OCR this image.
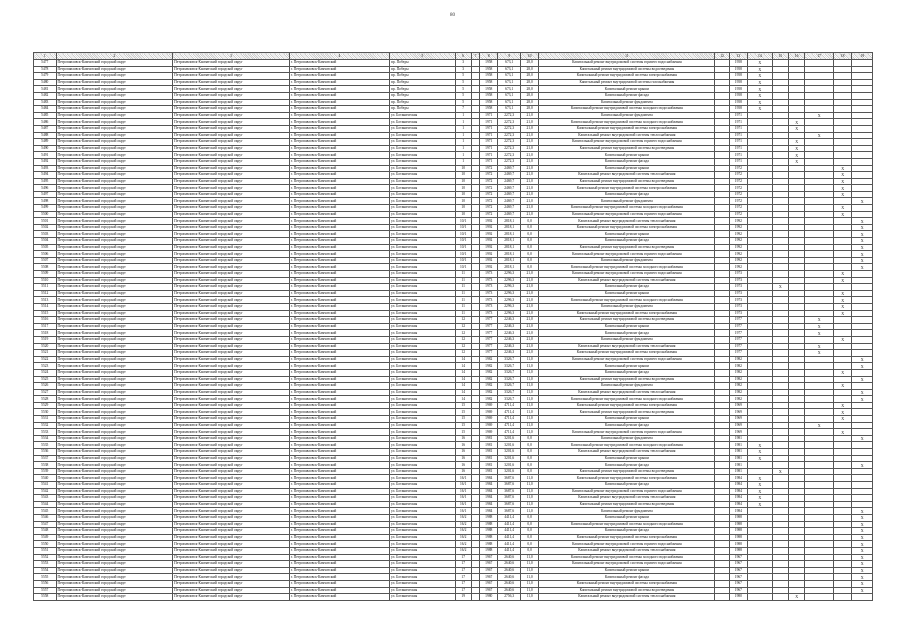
80
1	2	3	4	5	6	7	8	9	10	11	12	13	14	15	16	17	18	19
5477	Петропавловск-Камчатский городской округ	Петропавловск-Камчатский городской округ	г. Петропавловск-Камчатский	пр. Победы	3		1958	673,1	28,0	Капитальный ремонт внутридомовой системы горячего водоснабжения		1958	Х					
5478	Петропавловск-Камчатский городской округ	Петропавловск-Камчатский городской округ	г. Петропавловск-Камчатский	пр. Победы	3		1958	673,1	28,0	Капитальный ремонт внутридомовой системы водоотведения		1958	Х					
5479	Петропавловск-Камчатский городской округ	Петропавловск-Камчатский городской округ	г. Петропавловск-Камчатский	пр. Победы	5		1958	673,1	28,0	Капитальный ремонт внутридомовой системы электроснабжения		1958	Х					
5480	Петропавловск-Камчатский городской округ	Петропавловск-Камчатский городской округ	г. Петропавловск-Камчатский	пр. Победы	5		1958	673,1	28,0	Капитальный ремонт внутридомовой системы газоснабжения		1958	Х					
5481	Петропавловск-Камчатский городской округ	Петропавловск-Камчатский городской округ	г. Петропавловск-Камчатский	пр. Победы	5		1958	673,1	28,0	Капитальный ремонт крыши		1958	Х					
5482	Петропавловск-Камчатский городской округ	Петропавловск-Камчатский городской округ	г. Петропавловск-Камчатский	пр. Победы	5		1958	673,1	28,0	Капитальный ремонт фасада		1958	Х					
5483	Петропавловск-Камчатский городской округ	Петропавловск-Камчатский городской округ	г. Петропавловск-Камчатский	пр. Победы	5		1958	673,1	28,0	Капитальный ремонт фундамента		1958	Х					
5484	Петропавловск-Камчатский городской округ	Петропавловск-Камчатский городской округ	г. Петропавловск-Камчатский	пр. Победы	7		1958	673,1	28,0	Капитальный ремонт внутридомовой системы холодного водоснабжения		1958	Х					
5485	Петропавловск-Камчатский городской округ	Петропавловск-Камчатский городской округ	г. Петропавловск-Камчатский	ул. Ботаническая	1		1971	2272,3	21,0	Капитальный ремонт фундамента		1971				Х		
5486	Петропавловск-Камчатский городской округ	Петропавловск-Камчатский городской округ	г. Петропавловск-Камчатский	ул. Ботаническая	1		1971	2272,3	21,0	Капитальный ремонт внутридомовой системы холодного водоснабжения		1971			Х			
5487	Петропавловск-Камчатский городской округ	Петропавловск-Камчатский городской округ	г. Петропавловск-Камчатский	ул. Ботаническая	1		1971	2272,3	21,0	Капитальный ремонт внутридомовой системы электроснабжения		1971			Х			
5488	Петропавловск-Камчатский городской округ	Петропавловск-Камчатский городской округ	г. Петропавловск-Камчатский	ул. Ботаническая	1		1971	2272,3	21,0	Капитальный ремонт внутридомовой системы теплоснабжения		1971				Х		
5489	Петропавловск-Камчатский городской округ	Петропавловск-Камчатский городской округ	г. Петропавловск-Камчатский	ул. Ботаническая	1		1971	2272,3	21,0	Капитальный ремонт внутридомовой системы горячего водоснабжения		1971			Х			
5490	Петропавловск-Камчатский городской округ	Петропавловск-Камчатский городской округ	г. Петропавловск-Камчатский	ул. Ботаническая	1		1971	2272,3	21,0	Капитальный ремонт внутридомовой системы водоотведения		1971			Х			
5491	Петропавловск-Камчатский городской округ	Петропавловск-Камчатский городской округ	г. Петропавловск-Камчатский	ул. Ботаническая	1		1971	2272,3	21,0	Капитальный ремонт крыши		1971			Х			
5492	Петропавловск-Камчатский городской округ	Петропавловск-Камчатский городской округ	г. Петропавловск-Камчатский	ул. Ботаническая	1		1971	2272,3	21,0	Капитальный ремонт фасада		1971			Х			
5493	Петропавловск-Камчатский городской округ	Петропавловск-Камчатский городской округ	г. Петропавловск-Камчатский	ул. Ботаническая	10		1972	2469,7	21,0	Капитальный ремонт крыши		1972					Х	
5494	Петропавловск-Камчатский городской округ	Петропавловск-Камчатский городской округ	г. Петропавловск-Камчатский	ул. Ботаническая	10		1972	2469,7	21,0	Капитальный ремонт внутридомовой системы теплоснабжения		1972					Х	
5495	Петропавловск-Камчатский городской округ	Петропавловск-Камчатский городской округ	г. Петропавловск-Камчатский	ул. Ботаническая	10		1972	2469,7	21,0	Капитальный ремонт внутридомовой системы водоотведения		1972					Х	
5496	Петропавловск-Камчатский городской округ	Петропавловск-Камчатский городской округ	г. Петропавловск-Камчатский	ул. Ботаническая	10		1972	2469,7	21,0	Капитальный ремонт внутридомовой системы электроснабжения		1972					Х	
5497	Петропавловск-Камчатский городской округ	Петропавловск-Камчатский городской округ	г. Петропавловск-Камчатский	ул. Ботаническая	10		1972	2469,7	21,0	Капитальный ремонт фасада		1972					Х	
5498	Петропавловск-Камчатский городской округ	Петропавловск-Камчатский городской округ	г. Петропавловск-Камчатский	ул. Ботаническая	10		1972	2469,7	21,0	Капитальный ремонт фундамента		1972						Х
5499	Петропавловск-Камчатский городской округ	Петропавловск-Камчатский городской округ	г. Петропавловск-Камчатский	ул. Ботаническая	10		1972	2469,7	21,0	Капитальный ремонт внутридомовой системы холодного водоснабжения		1972					Х	
5500	Петропавловск-Камчатский городской округ	Петропавловск-Камчатский городской округ	г. Петропавловск-Камчатский	ул. Ботаническая	10		1972	2469,7	21,0	Капитальный ремонт внутридомовой системы горячего водоснабжения		1972					Х	
5501	Петропавловск-Камчатский городской округ	Петропавловск-Камчатский городской округ	г. Петропавловск-Камчатский	ул. Ботаническая	10/1		1992	2818,1	0,0	Капитальный ремонт внутридомовой системы теплоснабжения		1992						Х
5502	Петропавловск-Камчатский городской округ	Петропавловск-Камчатский городской округ	г. Петропавловск-Камчатский	ул. Ботаническая	10/1		1992	2818,1	0,0	Капитальный ремонт внутридомовой системы электроснабжения		1992						Х
5503	Петропавловск-Камчатский городской округ	Петропавловск-Камчатский городской округ	г. Петропавловск-Камчатский	ул. Ботаническая	10/1		1992	2818,1	0,0	Капитальный ремонт крыши		1992						Х
5504	Петропавловск-Камчатский городской округ	Петропавловск-Камчатский городской округ	г. Петропавловск-Камчатский	ул. Ботаническая	10/1		1992	2818,1	0,0	Капитальный ремонт фасада		1992						Х
5505	Петропавловск-Камчатский городской округ	Петропавловск-Камчатский городской округ	г. Петропавловск-Камчатский	ул. Ботаническая	10/1		1992	2818,1	0,0	Капитальный ремонт внутридомовой системы водоотведения		1992						Х
5506	Петропавловск-Камчатский городской округ	Петропавловск-Камчатский городской округ	г. Петропавловск-Камчатский	ул. Ботаническая	10/1		1992	2818,1	0,0	Капитальный ремонт внутридомовой системы горячего водоснабжения		1992						Х
5507	Петропавловск-Камчатский городской округ	Петропавловск-Камчатский городской округ	г. Петропавловск-Камчатский	ул. Ботаническая	10/1		1992	2818,1	0,0	Капитальный ремонт фундамента		1992						Х
5508	Петропавловск-Камчатский городской округ	Петропавловск-Камчатский городской округ	г. Петропавловск-Камчатский	ул. Ботаническая	10/1		1992	2818,1	0,0	Капитальный ремонт внутридомовой системы холодного водоснабжения		1992						Х
5509	Петропавловск-Камчатский городской округ	Петропавловск-Камчатский городской округ	г. Петропавловск-Камчатский	ул. Ботаническая	11		1973	2296,3	21,0	Капитальный ремонт внутридомовой системы горячего водоснабжения		1973					Х	
5510	Петропавловск-Камчатский городской округ	Петропавловск-Камчатский городской округ	г. Петропавловск-Камчатский	ул. Ботаническая	11		1973	2296,3	21,0	Капитальный ремонт внутридомовой системы теплоснабжения		1973					Х	
5511	Петропавловск-Камчатский городской округ	Петропавловск-Камчатский городской округ	г. Петропавловск-Камчатский	ул. Ботаническая	11		1973	2296,3	21,0	Капитальный ремонт фасада		1973		Х				
5512	Петропавловск-Камчатский городской округ	Петропавловск-Камчатский городской округ	г. Петропавловск-Камчатский	ул. Ботаническая	11		1973	2296,3	21,0	Капитальный ремонт крыши		1973					Х	
5513	Петропавловск-Камчатский городской округ	Петропавловск-Камчатский городской округ	г. Петропавловск-Камчатский	ул. Ботаническая	11		1973	2296,3	21,0	Капитальный ремонт внутридомовой системы холодного водоснабжения		1973					Х	
5514	Петропавловск-Камчатский городской округ	Петропавловск-Камчатский городской округ	г. Петропавловск-Камчатский	ул. Ботаническая	11		1973	2296,3	21,0	Капитальный ремонт фундамента		1973					Х	
5515	Петропавловск-Камчатский городской округ	Петропавловск-Камчатский городской округ	г. Петропавловск-Камчатский	ул. Ботаническая	11		1973	2296,3	21,0	Капитальный ремонт внутридомовой системы электроснабжения		1973					Х	
5516	Петропавловск-Камчатский городской округ	Петропавловск-Камчатский городской округ	г. Петропавловск-Камчатский	ул. Ботаническая	12		1977	2246,3	21,0	Капитальный ремонт внутридомовой системы водоотведения		1977				Х		
5517	Петропавловск-Камчатский городской округ	Петропавловск-Камчатский городской округ	г. Петропавловск-Камчатский	ул. Ботаническая	12		1977	2246,3	21,0	Капитальный ремонт крыши		1977				Х		
5518	Петропавловск-Камчатский городской округ	Петропавловск-Камчатский городской округ	г. Петропавловск-Камчатский	ул. Ботаническая	12		1977	2246,3	21,0	Капитальный ремонт фасада		1977				Х		
5519	Петропавловск-Камчатский городской округ	Петропавловск-Камчатский городской округ	г. Петропавловск-Камчатский	ул. Ботаническая	12		1977	2246,3	21,0	Капитальный ремонт фундамента		1977					Х	
5520	Петропавловск-Камчатский городской округ	Петропавловск-Камчатский городской округ	г. Петропавловск-Камчатский	ул. Ботаническая	12		1977	2246,3	21,0	Капитальный ремонт внутридомовой системы теплоснабжения		1977				Х		
5521	Петропавловск-Камчатский городской округ	Петропавловск-Камчатский городской округ	г. Петропавловск-Камчатский	ул. Ботаническая	12		1977	2246,3	21,0	Капитальный ремонт внутридомовой системы электроснабжения		1977				Х		
5522	Петропавловск-Камчатский городской округ	Петропавловск-Камчатский городской округ	г. Петропавловск-Камчатский	ул. Ботаническая	14		1982	3326,7	11,0	Капитальный ремонт внутридомовой системы горячего водоснабжения		1982						Х
5523	Петропавловск-Камчатский городской округ	Петропавловск-Камчатский городской округ	г. Петропавловск-Камчатский	ул. Ботаническая	14		1982	3326,7	11,0	Капитальный ремонт крыши		1982						Х
5524	Петропавловск-Камчатский городской округ	Петропавловск-Камчатский городской округ	г. Петропавловск-Камчатский	ул. Ботаническая	14		1982	3326,7	11,0	Капитальный ремонт фасада		1982					Х	
5525	Петропавловск-Камчатский городской округ	Петропавловск-Камчатский городской округ	г. Петропавловск-Камчатский	ул. Ботаническая	14		1982	3326,7	11,0	Капитальный ремонт внутридомовой системы водоотведения		1982						Х
5526	Петропавловск-Камчатский городской округ	Петропавловск-Камчатский городской округ	г. Петропавловск-Камчатский	ул. Ботаническая	14		1982	3326,7	11,0	Капитальный ремонт фундамента		1982					Х	
5527	Петропавловск-Камчатский городской округ	Петропавловск-Камчатский городской округ	г. Петропавловск-Камчатский	ул. Ботаническая	14		1982	3326,7	11,0	Капитальный ремонт внутридомовой системы теплоснабжения		1982						Х
5528	Петропавловск-Камчатский городской округ	Петропавловск-Камчатский городской округ	г. Петропавловск-Камчатский	ул. Ботаническая	14		1982	3326,7	11,0	Капитальный ремонт внутридомовой системы холодного водоснабжения		1982						Х
5529	Петропавловск-Камчатский городской округ	Петропавловск-Камчатский городской округ	г. Петропавловск-Камчатский	ул. Ботаническая	15		1969	4711,4	11,0	Капитальный ремонт внутридомовой системы электроснабжения		1969					Х	
5530	Петропавловск-Камчатский городской округ	Петропавловск-Камчатский городской округ	г. Петропавловск-Камчатский	ул. Ботаническая	15		1969	4711,4	11,0	Капитальный ремонт внутридомовой системы водоотведения		1969					Х	
5531	Петропавловск-Камчатский городской округ	Петропавловск-Камчатский городской округ	г. Петропавловск-Камчатский	ул. Ботаническая	15		1969	4711,4	11,0	Капитальный ремонт крыши		1969					Х	
5532	Петропавловск-Камчатский городской округ	Петропавловск-Камчатский городской округ	г. Петропавловск-Камчатский	ул. Ботаническая	15		1969	4711,4	11,0	Капитальный ремонт фасада		1969				Х		
5533	Петропавловск-Камчатский городской округ	Петропавловск-Камчатский городской округ	г. Петропавловск-Камчатский	ул. Ботаническая	15		1969	4711,4	11,0	Капитальный ремонт внутридомовой системы горячего водоснабжения		1969					Х	
5534	Петропавловск-Камчатский городской округ	Петропавловск-Камчатский городской округ	г. Петропавловск-Камчатский	ул. Ботаническая	16		1981	3201,6	0,0	Капитальный ремонт фундамента		1981						Х
5535	Петропавловск-Камчатский городской округ	Петропавловск-Камчатский городской округ	г. Петропавловск-Камчатский	ул. Ботаническая	16		1981	3201,6	0,0	Капитальный ремонт внутридомовой системы холодного водоснабжения		1981	Х					
5536	Петропавловск-Камчатский городской округ	Петропавловск-Камчатский городской округ	г. Петропавловск-Камчатский	ул. Ботаническая	16		1981	3201,6	0,0	Капитальный ремонт внутридомовой системы теплоснабжения		1981	Х					
5537	Петропавловск-Камчатский городской округ	Петропавловск-Камчатский городской округ	г. Петропавловск-Камчатский	ул. Ботаническая	16		1981	3201,6	0,0	Капитальный ремонт крыши		1981	Х					
5538	Петропавловск-Камчатский городской округ	Петропавловск-Камчатский городской округ	г. Петропавловск-Камчатский	ул. Ботаническая	16		1981	3201,6	0,0	Капитальный ремонт фасада		1981						Х
5539	Петропавловск-Камчатский городской округ	Петропавловск-Камчатский городской округ	г. Петропавловск-Камчатский	ул. Ботаническая	16		1981	3201,6	0,0	Капитальный ремонт внутридомовой системы водоотведения		1981		Х				
5540	Петропавловск-Камчатский городской округ	Петропавловск-Камчатский городской округ	г. Петропавловск-Камчатский	ул. Ботаническая	16/1		1984	3687,6	11,0	Капитальный ремонт внутридомовой системы электроснабжения		1984	Х					
5541	Петропавловск-Камчатский городской округ	Петропавловск-Камчатский городской округ	г. Петропавловск-Камчатский	ул. Ботаническая	16/1		1984	3687,6	11,0	Капитальный ремонт фасада		1984	Х					
5542	Петропавловск-Камчатский городской округ	Петропавловск-Камчатский городской округ	г. Петропавловск-Камчатский	ул. Ботаническая	16/1		1984	3687,6	11,0	Капитальный ремонт внутридомовой системы горячего водоснабжения		1984	Х					
5543	Петропавловск-Камчатский городской округ	Петропавловск-Камчатский городской округ	г. Петропавловск-Камчатский	ул. Ботаническая	16/1		1984	3687,6	11,0	Капитальный ремонт внутридомовой системы теплоснабжения		1984	Х					
5544	Петропавловск-Камчатский городской округ	Петропавловск-Камчатский городской округ	г. Петропавловск-Камчатский	ул. Ботаническая	16/1		1984	3687,6	11,0	Капитальный ремонт внутридомовой системы водоотведения		1984	Х					
5545	Петропавловск-Камчатский городской округ	Петропавловск-Камчатский городской округ	г. Петропавловск-Камчатский	ул. Ботаническая	16/1		1984	3687,6	11,0	Капитальный ремонт фундамента		1984						Х
5546	Петропавловск-Камчатский городской округ	Петропавловск-Камчатский городской округ	г. Петропавловск-Камчатский	ул. Ботаническая	16/2		1988	4411,4	0,0	Капитальный ремонт крыши		1988						Х
5547	Петропавловск-Камчатский городской округ	Петропавловск-Камчатский городской округ	г. Петропавловск-Камчатский	ул. Ботаническая	16/2		1988	4411,4	0,0	Капитальный ремонт внутридомовой системы холодного водоснабжения		1988						Х
5548	Петропавловск-Камчатский городской округ	Петропавловск-Камчатский городской округ	г. Петропавловск-Камчатский	ул. Ботаническая	16/2		1988	4411,4	0,0	Капитальный ремонт фасада		1988						Х
5549	Петропавловск-Камчатский городской округ	Петропавловск-Камчатский городской округ	г. Петропавловск-Камчатский	ул. Ботаническая	16/2		1988	4411,4	0,0	Капитальный ремонт внутридомовой системы электроснабжения		1988						Х
5550	Петропавловск-Камчатский городской округ	Петропавловск-Камчатский городской округ	г. Петропавловск-Камчатский	ул. Ботаническая	16/2		1988	4411,4	0,0	Капитальный ремонт внутридомовой системы горячего водоснабжения		1988						Х
5551	Петропавловск-Камчатский городской округ	Петропавловск-Камчатский городской округ	г. Петропавловск-Камчатский	ул. Ботаническая	16/2		1988	4411,4	0,0	Капитальный ремонт внутридомовой системы теплоснабжения		1988						Х
5552	Петропавловск-Камчатский городской округ	Петропавловск-Камчатский городской округ	г. Петропавловск-Камчатский	ул. Ботаническая	17		1967	2640,6	11,0	Капитальный ремонт внутридомовой системы холодного водоснабжения		1967						Х
5553	Петропавловск-Камчатский городской округ	Петропавловск-Камчатский городской округ	г. Петропавловск-Камчатский	ул. Ботаническая	17		1967	2640,6	11,0	Капитальный ремонт внутридомовой системы горячего водоснабжения		1967						Х
5554	Петропавловск-Камчатский городской округ	Петропавловск-Камчатский городской округ	г. Петропавловск-Камчатский	ул. Ботаническая	17		1967	2640,6	11,0	Капитальный ремонт крыши		1967						Х
5555	Петропавловск-Камчатский городской округ	Петропавловск-Камчатский городской округ	г. Петропавловск-Камчатский	ул. Ботаническая	17		1967	2640,6	11,0	Капитальный ремонт фасада		1967						Х
5556	Петропавловск-Камчатский городской округ	Петропавловск-Камчатский городской округ	г. Петропавловск-Камчатский	ул. Ботаническая	17		1967	2640,6	11,0	Капитальный ремонт внутридомовой системы электроснабжения		1967						Х
5557	Петропавловск-Камчатский городской округ	Петропавловск-Камчатский городской округ	г. Петропавловск-Камчатский	ул. Ботаническая	17		1967	2640,6	11,0	Капитальный ремонт внутридомовой системы водоотведения		1967						Х
5558	Петропавловск-Камчатский городской округ	Петропавловск-Камчатский городской округ	г. Петропавловск-Камчатский	ул. Ботаническая	19		1980	2756,3	11,0	Капитальный ремонт внутридомовой системы теплоснабжения		1980			Х			
